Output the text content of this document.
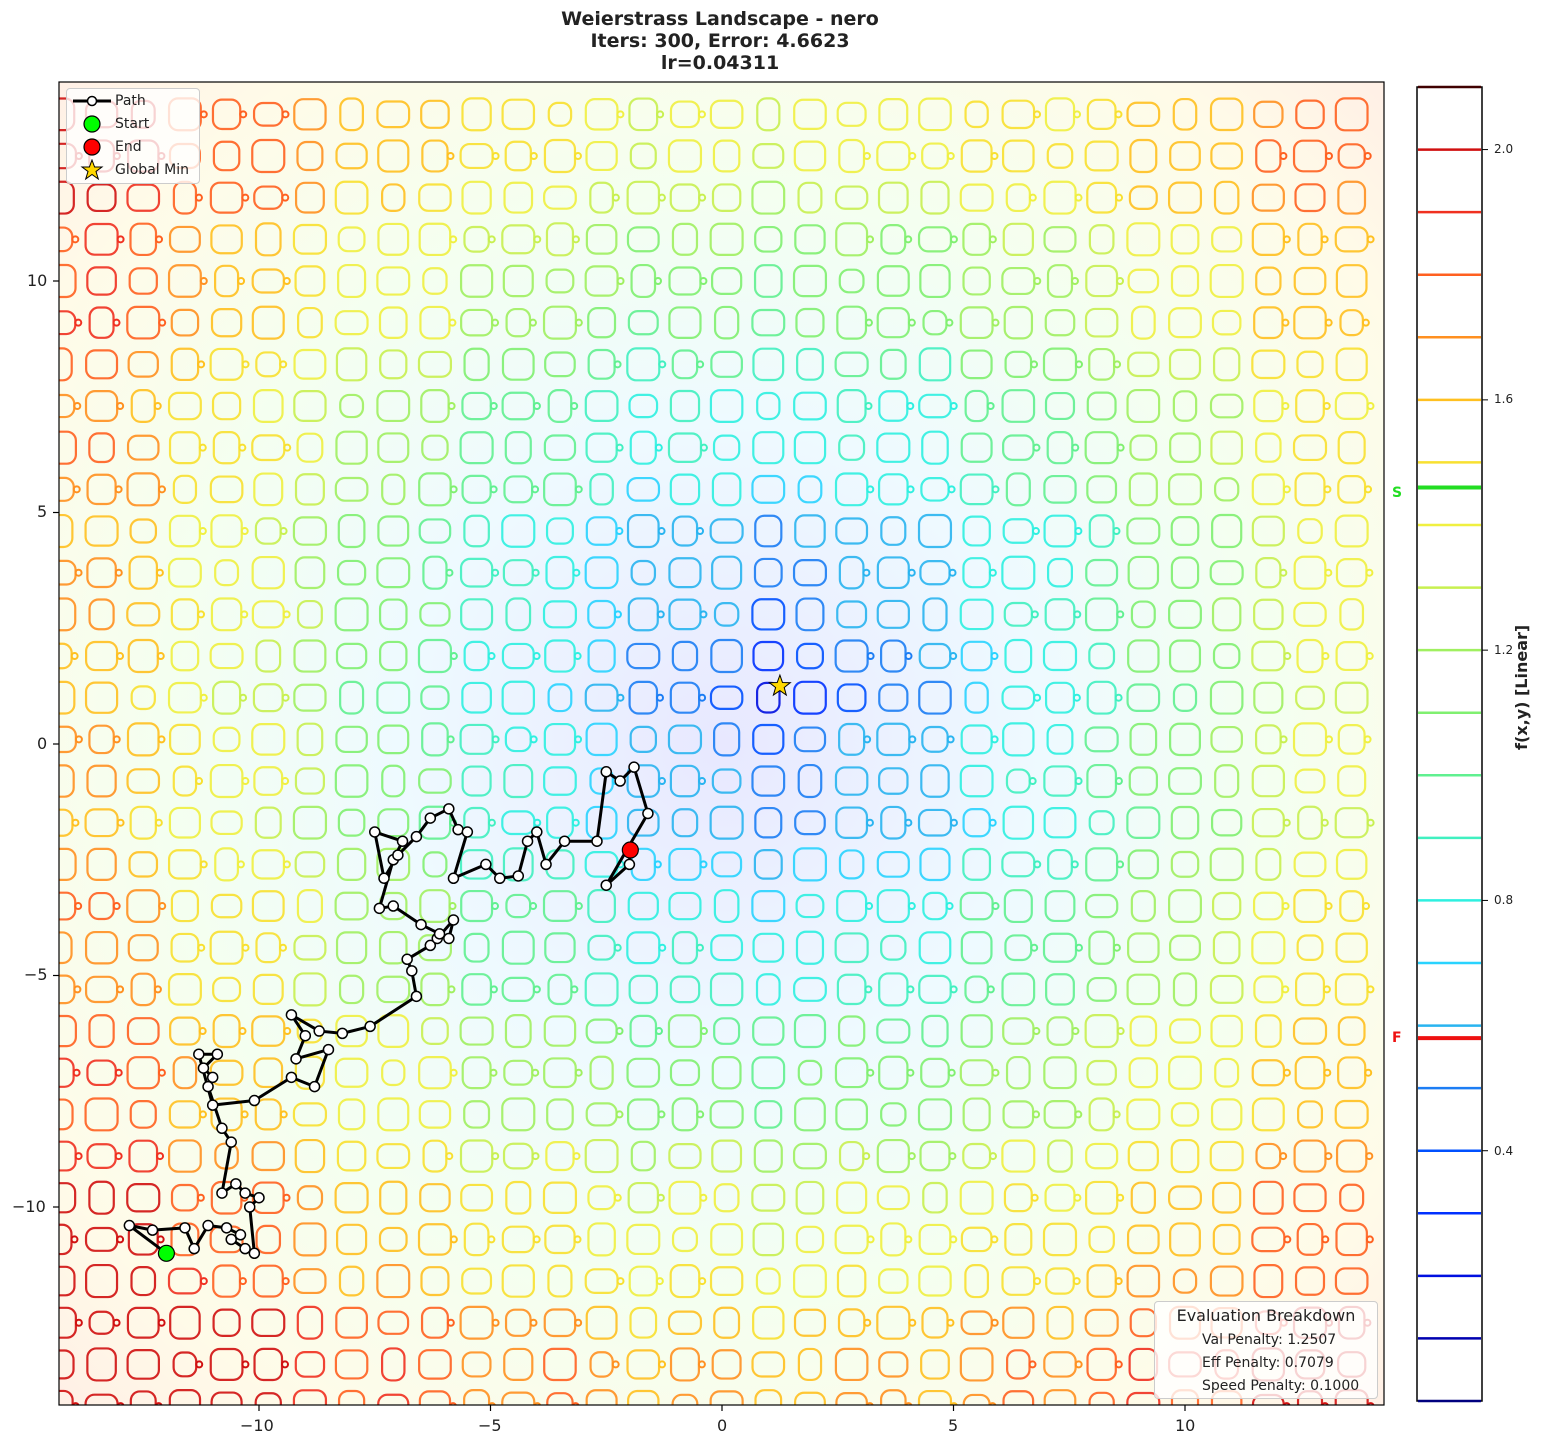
Weierstrass Landscape - nero
Iters: 300, Error: 4.6623
lr=0.04311
−10	−5	0	5	10
10
5
0
−5
−10
2.0
1.6
1.2
0.8
0.4
S
F
f(x,y) [Linear]
Path
Start
End
Global Min
Evaluation Breakdown
Val Penalty: 1.2507
Eff Penalty: 0.7079
Speed Penalty: 0.1000
